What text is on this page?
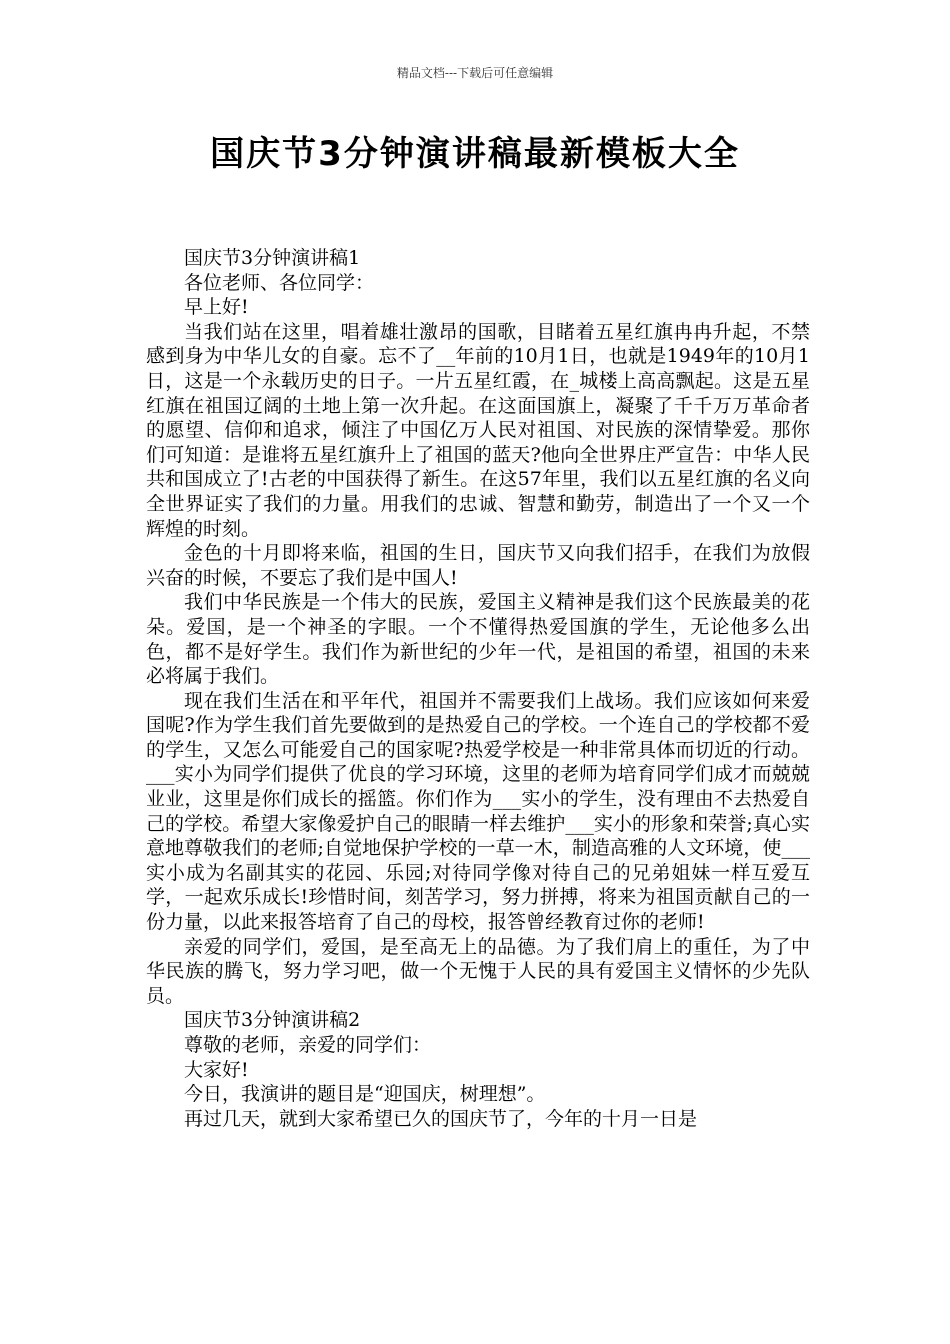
精品文档---下载后可任意编辑
国庆节3分钟演讲稿最新模板大全

国庆节3分钟演讲稿1

各位老师、各位同学：

早上好!

当我们站在这里，唱着雄壮激昂的国歌，目睹着五星红旗冉冉升起，不禁感到身为中华儿女的自豪。忘不了__年前的10月1日，也就是1949年的10月1日，这是一个永载历史的日子。一片五星红霞，在_城楼上高高飘起。这是五星红旗在祖国辽阔的土地上第一次升起。在这面国旗上，凝聚了千千万万革命者的愿望、信仰和追求，倾注了中国亿万人民对祖国、对民族的深情挚爱。那你们可知道：是谁将五星红旗升上了祖国的蓝天?他向全世界庄严宣告：中华人民共和国成立了!古老的中国获得了新生。在这57年里，我们以五星红旗的名义向全世界证实了我们的力量。用我们的忠诚、智慧和勤劳，制造出了一个又一个辉煌的时刻。

金色的十月即将来临，祖国的生日，国庆节又向我们招手，在我们为放假兴奋的时候，不要忘了我们是中国人!

我们中华民族是一个伟大的民族，爱国主义精神是我们这个民族最美的花朵。爱国，是一个神圣的字眼。一个不懂得热爱国旗的学生，无论他多么出色，都不是好学生。我们作为新世纪的少年一代，是祖国的希望，祖国的未来必将属于我们。

现在我们生活在和平年代，祖国并不需要我们上战场。我们应该如何来爱国呢?作为学生我们首先要做到的是热爱自己的学校。一个连自己的学校都不爱的学生，又怎么可能爱自己的国家呢?热爱学校是一种非常具体而切近的行动。___实小为同学们提供了优良的学习环境，这里的老师为培育同学们成才而兢兢业业，这里是你们成长的摇篮。你们作为___实小的学生，没有理由不去热爱自己的学校。希望大家像爱护自己的眼睛一样去维护___实小的形象和荣誉;真心实意地尊敬我们的老师;自觉地保护学校的一草一木，制造高雅的人文环境，使___实小成为名副其实的花园、乐园;对待同学像对待自己的兄弟姐妹一样互爱互学，一起欢乐成长!珍惜时间，刻苦学习，努力拼搏，将来为祖国贡献自己的一份力量，以此来报答培育了自己的母校，报答曾经教育过你的老师!

亲爱的同学们，爱国，是至高无上的品德。为了我们肩上的重任，为了中华民族的腾飞，努力学习吧，做一个无愧于人民的具有爱国主义情怀的少先队员。

国庆节3分钟演讲稿2

尊敬的老师，亲爱的同学们：

大家好!

今日，我演讲的题目是“迎国庆，树理想”。

再过几天，就到大家希望已久的国庆节了，今年的十月一日是
